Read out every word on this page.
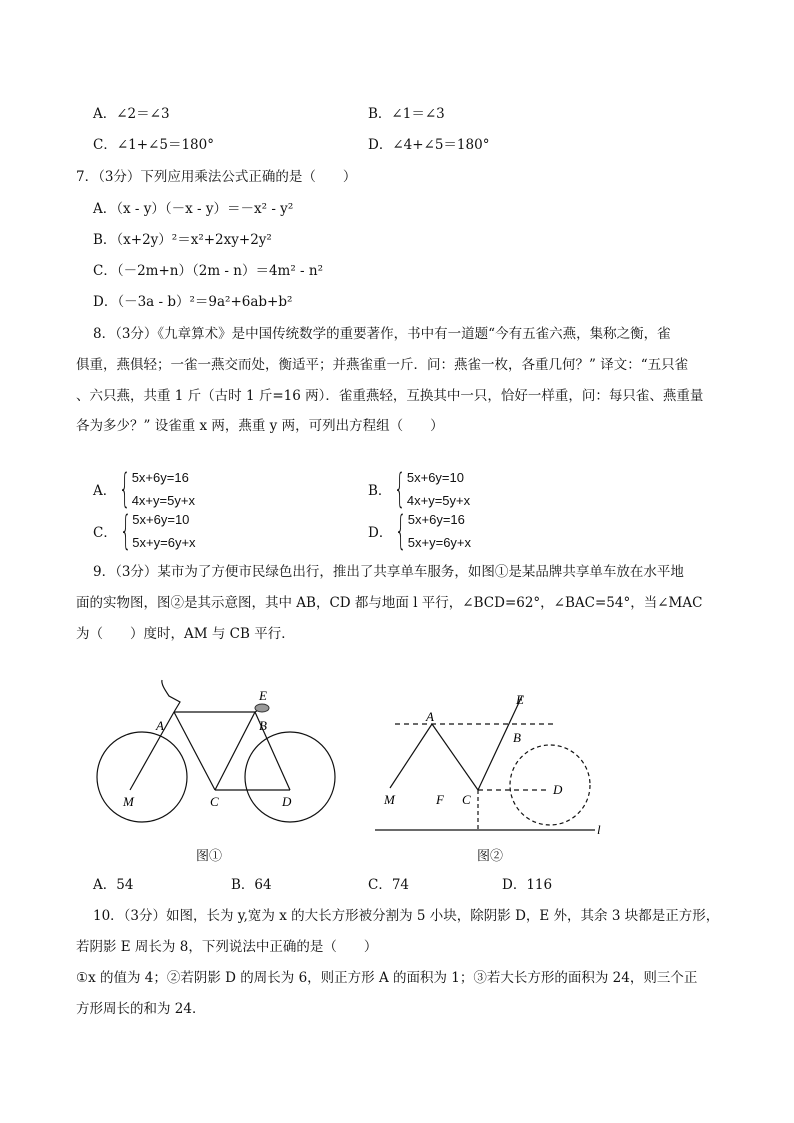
A．∠2＝∠3	B．∠1＝∠3
C．∠1+∠5＝180°	D．∠4+∠5＝180°
7．（3分）下列应用乘法公式正确的是（　　）
A．（x - y）（－x - y）＝－x² - y²
B．（x+2y）²＝x²+2xy+2y²
C．（－2m+n）（2m - n）＝4m² - n²
D．（－3a - b）²＝9a²+6ab+b²
8．（3分）《九章算术》是中国传统数学的重要著作，书中有一道题“今有五雀六燕，集称之衡，雀
俱重，燕俱轻；一雀一燕交而处，衡适平；并燕雀重一斤．问：燕雀一枚，各重几何？” 译文：“五只雀
、六只燕，共重 1 斤（古时 1 斤=16 两）．雀重燕轻，互换其中一只，恰好一样重，问：每只雀、燕重量
各为多少？” 设雀重 x 两，燕重 y 两，可列出方程组（　　）
A． { 5x+6y=16
4x+y=5y+x
B． { 5x+6y=10
4x+y=5y+x
C． { 5x+6y=10
5x+y=6y+x
D． { 5x+6y=16
5x+y=6y+x
9．（3分）某市为了方便市民绿色出行，推出了共享单车服务，如图①是某品牌共享单车放在水平地
面的实物图，图②是其示意图，其中 AB，CD 都与地面 l 平行，∠BCD=62°，∠BAC=54°，当∠MAC
为（　　）度时，AM 与 CB 平行．
E
A	B
C	D
M
图①
A
E
B
M	F C
D
l
图②
A．54	B．64	C．74	D．116
10．（3分）如图，长为 y,宽为 x 的大长方形被分割为 5 小块，除阴影 D，E 外，其余 3 块都是正方形，
若阴影 E 周长为 8，下列说法中正确的是（　　）
①x 的值为 4；②若阴影 D 的周长为 6，则正方形 A 的面积为 1；③若大长方形的面积为 24，则三个正
方形周长的和为 24．
